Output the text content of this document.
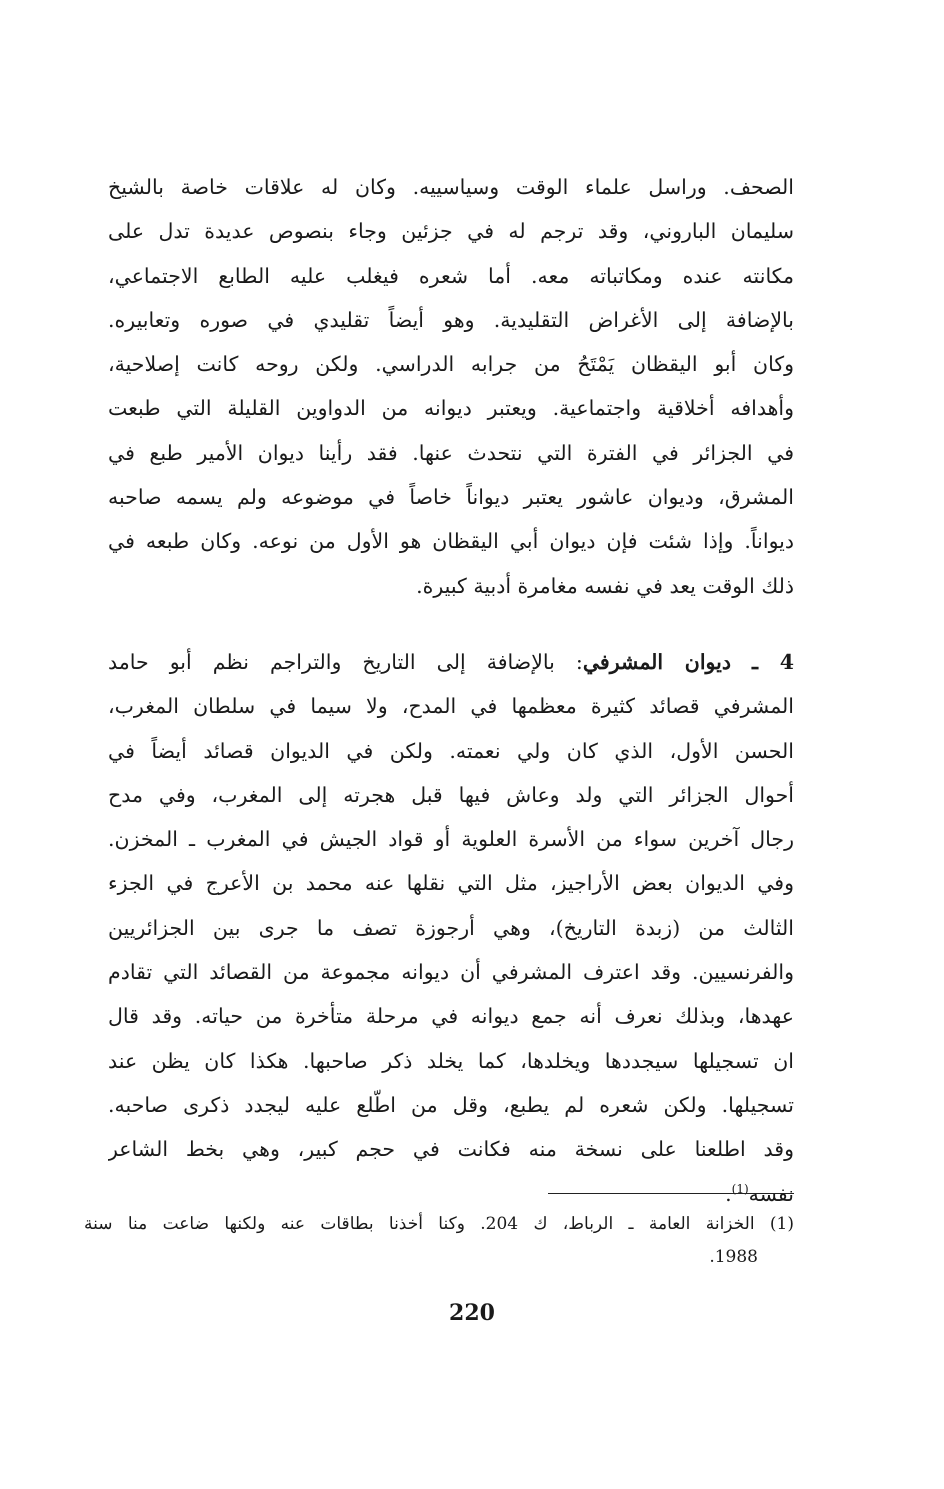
الصحف. وراسل علماء الوقت وسياسييه. وكان له علاقات خاصة بالشيخ
سليمان الباروني، وقد ترجم له في جزئين وجاء بنصوص عديدة تدل على
مكانته عنده ومكاتباته معه. أما شعره فيغلب عليه الطابع الاجتماعي،
بالإضافة إلى الأغراض التقليدية. وهو أيضاً تقليدي في صوره وتعابيره.
وكان أبو اليقظان يَمْتَحُ من جرابه الدراسي. ولكن روحه كانت إصلاحية،
وأهدافه أخلاقية واجتماعية. ويعتبر ديوانه من الدواوين القليلة التي طبعت
في الجزائر في الفترة التي نتحدث عنها. فقد رأينا ديوان الأمير طبع في
المشرق، وديوان عاشور يعتبر ديواناً خاصاً في موضوعه ولم يسمه صاحبه
ديواناً. وإذا شئت فإن ديوان أبي اليقظان هو الأول من نوعه. وكان طبعه في
ذلك الوقت يعد في نفسه مغامرة أدبية كبيرة.
4 ـ ديوان المشرفي: بالإضافة إلى التاريخ والتراجم نظم أبو حامد
المشرفي قصائد كثيرة معظمها في المدح، ولا سيما في سلطان المغرب،
الحسن الأول، الذي كان ولي نعمته. ولكن في الديوان قصائد أيضاً في
أحوال الجزائر التي ولد وعاش فيها قبل هجرته إلى المغرب، وفي مدح
رجال آخرين سواء من الأسرة العلوية أو قواد الجيش في المغرب ـ المخزن.
وفي الديوان بعض الأراجيز، مثل التي نقلها عنه محمد بن الأعرج في الجزء
الثالث من (زبدة التاريخ)، وهي أرجوزة تصف ما جرى بين الجزائريين
والفرنسيين. وقد اعترف المشرفي أن ديوانه مجموعة من القصائد التي تقادم
عهدها، وبذلك نعرف أنه جمع ديوانه في مرحلة متأخرة من حياته. وقد قال
ان تسجيلها سيجددها ويخلدها، كما يخلد ذكر صاحبها. هكذا كان يظن عند
تسجيلها. ولكن شعره لم يطبع، وقل من اطّلع عليه ليجدد ذكرى صاحبه.
وقد اطلعنا على نسخة منه فكانت في حجم كبير، وهي بخط الشاعر
نفسه$^{(1)}$.
(1) الخزانة العامة ـ الرباط، ك 204. وكنا أخذنا بطاقات عنه ولكنها ضاعت منا سنة
1988.
220
